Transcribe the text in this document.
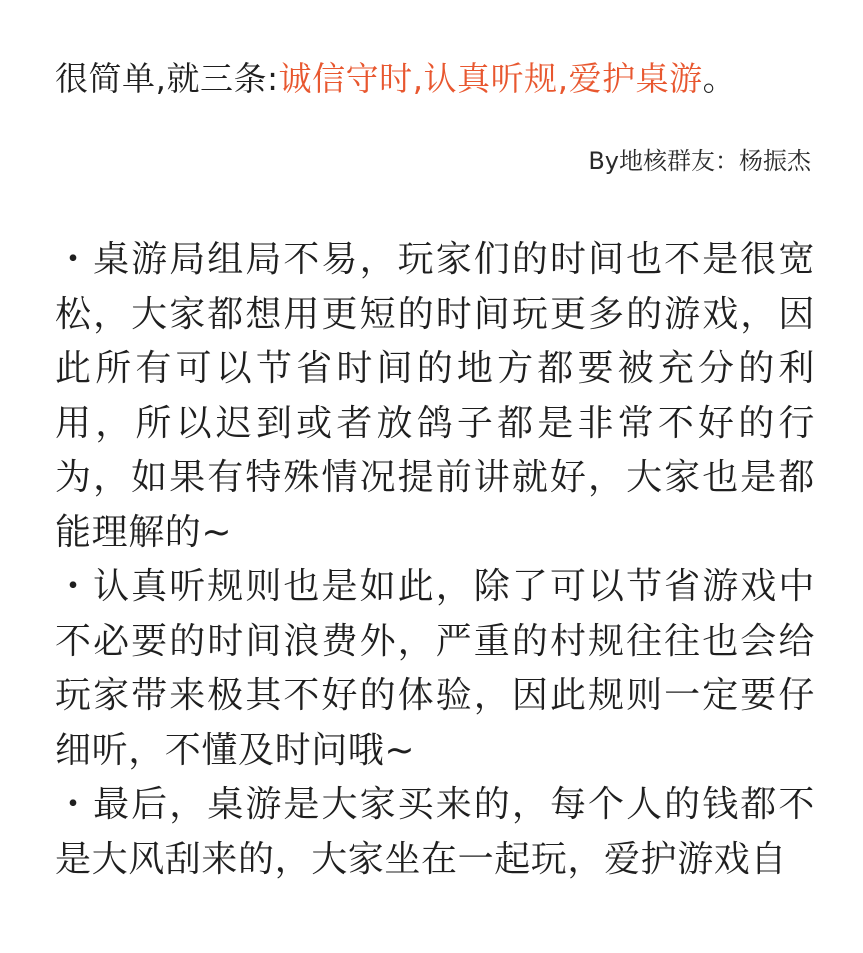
很简单,就三条:诚信守时,认真听规,爱护桌游。
By地核群友：杨振杰

・桌游局组局不易，玩家们的时间也不是很宽松，大家都想用更短的时间玩更多的游戏，因此所有可以节省时间的地方都要被充分的利用，所以迟到或者放鸽子都是非常不好的行为，如果有特殊情况提前讲就好，大家也是都能理解的~

・认真听规则也是如此，除了可以节省游戏中不必要的时间浪费外，严重的村规往往也会给玩家带来极其不好的体验，因此规则一定要仔细听，不懂及时问哦~

・最后，桌游是大家买来的，每个人的钱都不是大风刮来的，大家坐在一起玩，爱护游戏自
